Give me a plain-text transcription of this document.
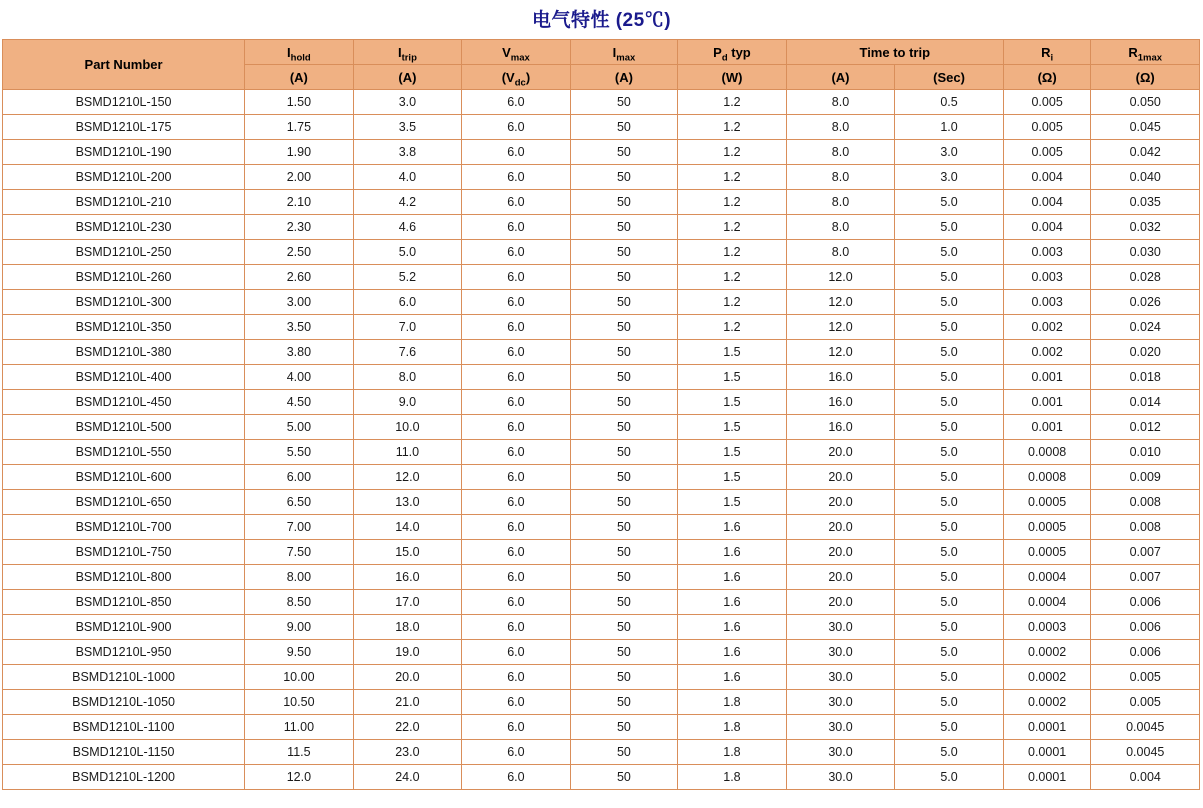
电气特性 (25℃)
Part Number	$I_{hold}$	$I_{trip}$	$V_{max}$	$I_{max}$	$P_d$ typ	Time to trip		$R_i$	$R_{1max}$
	(A)	(A)	$(V_{dc})$	(A)	(W)	(A)	(Sec)	(Ω)	(Ω)
BSMD1210L-150	1.50	3.0	6.0	50	1.2	8.0	0.5	0.005	0.050
BSMD1210L-175	1.75	3.5	6.0	50	1.2	8.0	1.0	0.005	0.045
BSMD1210L-190	1.90	3.8	6.0	50	1.2	8.0	3.0	0.005	0.042
BSMD1210L-200	2.00	4.0	6.0	50	1.2	8.0	3.0	0.004	0.040
BSMD1210L-210	2.10	4.2	6.0	50	1.2	8.0	5.0	0.004	0.035
BSMD1210L-230	2.30	4.6	6.0	50	1.2	8.0	5.0	0.004	0.032
BSMD1210L-250	2.50	5.0	6.0	50	1.2	8.0	5.0	0.003	0.030
BSMD1210L-260	2.60	5.2	6.0	50	1.2	12.0	5.0	0.003	0.028
BSMD1210L-300	3.00	6.0	6.0	50	1.2	12.0	5.0	0.003	0.026
BSMD1210L-350	3.50	7.0	6.0	50	1.2	12.0	5.0	0.002	0.024
BSMD1210L-380	3.80	7.6	6.0	50	1.5	12.0	5.0	0.002	0.020
BSMD1210L-400	4.00	8.0	6.0	50	1.5	16.0	5.0	0.001	0.018
BSMD1210L-450	4.50	9.0	6.0	50	1.5	16.0	5.0	0.001	0.014
BSMD1210L-500	5.00	10.0	6.0	50	1.5	16.0	5.0	0.001	0.012
BSMD1210L-550	5.50	11.0	6.0	50	1.5	20.0	5.0	0.0008	0.010
BSMD1210L-600	6.00	12.0	6.0	50	1.5	20.0	5.0	0.0008	0.009
BSMD1210L-650	6.50	13.0	6.0	50	1.5	20.0	5.0	0.0005	0.008
BSMD1210L-700	7.00	14.0	6.0	50	1.6	20.0	5.0	0.0005	0.008
BSMD1210L-750	7.50	15.0	6.0	50	1.6	20.0	5.0	0.0005	0.007
BSMD1210L-800	8.00	16.0	6.0	50	1.6	20.0	5.0	0.0004	0.007
BSMD1210L-850	8.50	17.0	6.0	50	1.6	20.0	5.0	0.0004	0.006
BSMD1210L-900	9.00	18.0	6.0	50	1.6	30.0	5.0	0.0003	0.006
BSMD1210L-950	9.50	19.0	6.0	50	1.6	30.0	5.0	0.0002	0.006
BSMD1210L-1000	10.00	20.0	6.0	50	1.6	30.0	5.0	0.0002	0.005
BSMD1210L-1050	10.50	21.0	6.0	50	1.8	30.0	5.0	0.0002	0.005
BSMD1210L-1100	11.00	22.0	6.0	50	1.8	30.0	5.0	0.0001	0.0045
BSMD1210L-1150	11.5	23.0	6.0	50	1.8	30.0	5.0	0.0001	0.0045
BSMD1210L-1200	12.0	24.0	6.0	50	1.8	30.0	5.0	0.0001	0.004
